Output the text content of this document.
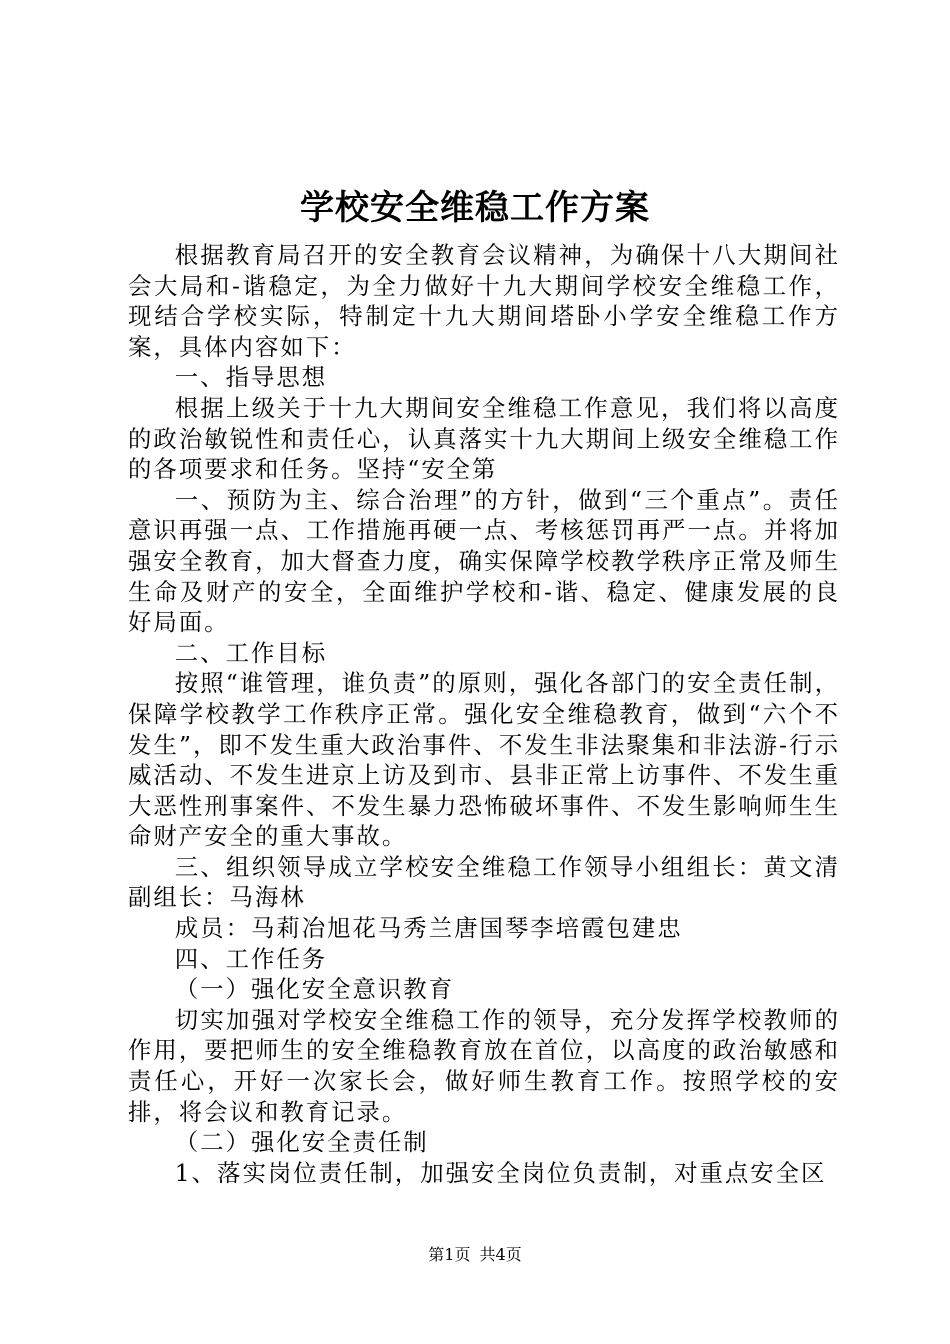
学校安全维稳工作方案

根据教育局召开的安全教育会议精神，为确保十八大期间社会大局和-谐稳定，为全力做好十九大期间学校安全维稳工作，现结合学校实际，特制定十九大期间塔卧小学安全维稳工作方案，具体内容如下：

一、指导思想

根据上级关于十九大期间安全维稳工作意见，我们将以高度的政治敏锐性和责任心，认真落实十九大期间上级安全维稳工作的各项要求和任务。坚持“安全第

一、预防为主、综合治理”的方针，做到“三个重点”。责任意识再强一点、工作措施再硬一点、考核惩罚再严一点。并将加强安全教育，加大督查力度，确实保障学校教学秩序正常及师生生命及财产的安全，全面维护学校和-谐、稳定、健康发展的良好局面。

二、工作目标

按照“谁管理，谁负责”的原则，强化各部门的安全责任制，保障学校教学工作秩序正常。强化安全维稳教育，做到“六个不发生”，即不发生重大政治事件、不发生非法聚集和非法游-行示威活动、不发生进京上访及到市、县非正常上访事件、不发生重大恶性刑事案件、不发生暴力恐怖破坏事件、不发生影响师生生命财产安全的重大事故。

三、组织领导成立学校安全维稳工作领导小组组长：黄文清副组长：马海林

成员：马莉冶旭花马秀兰唐国琴李培霞包建忠

四、工作任务

（一）强化安全意识教育

切实加强对学校安全维稳工作的领导，充分发挥学校教师的作用，要把师生的安全维稳教育放在首位，以高度的政治敏感和责任心，开好一次家长会，做好师生教育工作。按照学校的安排，将会议和教育记录。

（二）强化安全责任制

1、落实岗位责任制，加强安全岗位负责制，对重点安全区

第1页 共4页
